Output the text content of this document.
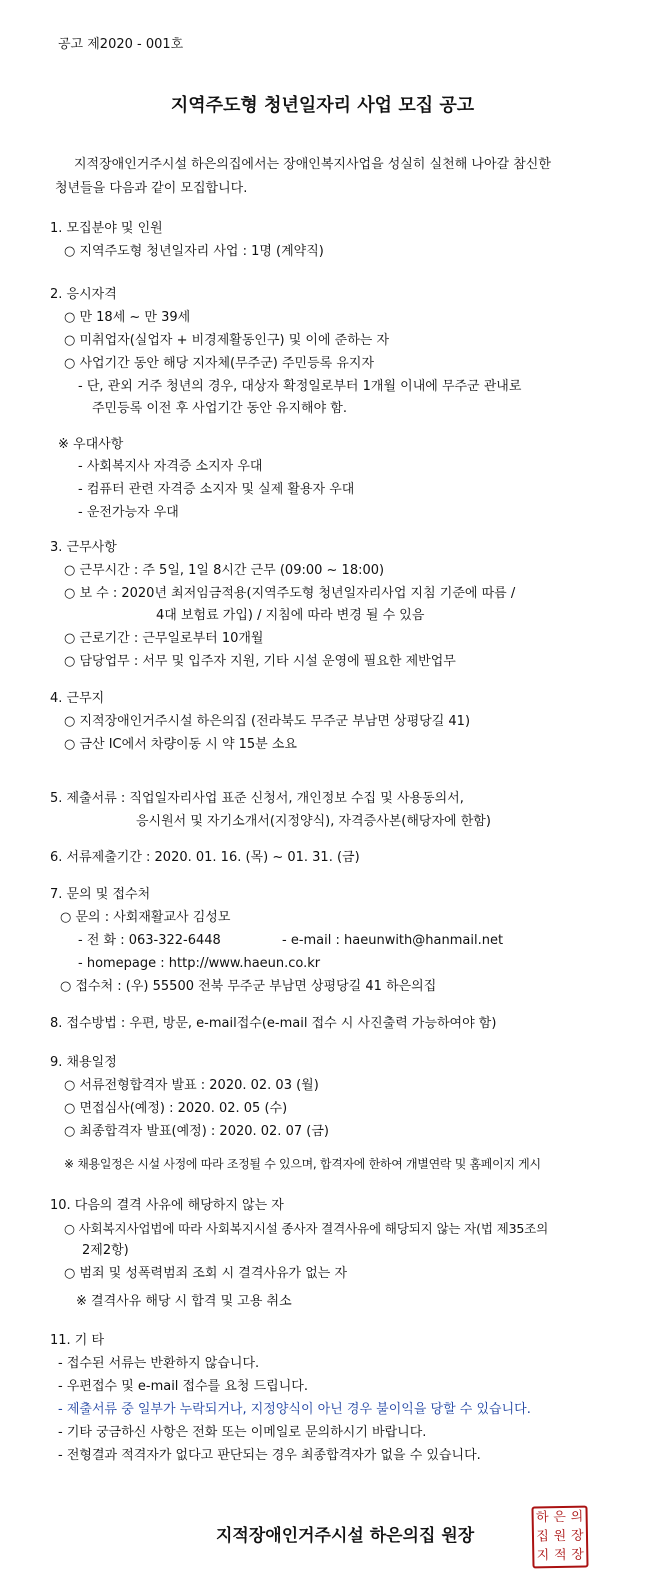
공고 제2020 - 001호
지역주도형 청년일자리 사업 모집 공고
지적장애인거주시설 하은의집에서는 장애인복지사업을 성실히 실천해 나아갈 참신한
청년들을 다음과 같이 모집합니다.
1. 모집분야 및 인원
○ 지역주도형 청년일자리 사업 : 1명 (계약직)
2. 응시자격
○ 만 18세 ~ 만 39세
○ 미취업자(실업자 + 비경제활동인구) 및 이에 준하는 자
○ 사업기간 동안 해당 지자체(무주군) 주민등록 유지자
- 단, 관외 거주 청년의 경우, 대상자 확정일로부터 1개월 이내에 무주군 관내로
주민등록 이전 후 사업기간 동안 유지해야 함.
※ 우대사항
- 사회복지사 자격증 소지자 우대
- 컴퓨터 관련 자격증 소지자 및 실제 활용자 우대
- 운전가능자 우대
3. 근무사항
○ 근무시간 : 주 5일, 1일 8시간 근무 (09:00 ~ 18:00)
○ 보 수 : 2020년 최저임금적용(지역주도형 청년일자리사업 지침 기준에 따름 /
4대 보험료 가입) / 지침에 따라 변경 될 수 있음
○ 근로기간 : 근무일로부터 10개월
○ 담당업무 : 서무 및 입주자 지원, 기타 시설 운영에 필요한 제반업무
4. 근무지
○ 지적장애인거주시설 하은의집 (전라북도 무주군 부남면 상평당길 41)
○ 금산 IC에서 차량이동 시 약 15분 소요
5. 제출서류 : 직업일자리사업 표준 신청서, 개인정보 수집 및 사용동의서,
응시원서 및 자기소개서(지정양식), 자격증사본(해당자에 한함)
6. 서류제출기간 : 2020. 01. 16. (목) ~ 01. 31. (금)
7. 문의 및 접수처
○ 문의 : 사회재활교사 김성모
- 전 화 : 063-322-6448	- e-mail : haeunwith@hanmail.net
- homepage : http://www.haeun.co.kr
○ 접수처 : (우) 55500 전북 무주군 부남면 상평당길 41 하은의집
8. 접수방법 : 우편, 방문, e-mail접수(e-mail 접수 시 사진출력 가능하여야 함)
9. 채용일정
○ 서류전형합격자 발표 : 2020. 02. 03 (월)
○ 면접심사(예정) : 2020. 02. 05 (수)
○ 최종합격자 발표(예정) : 2020. 02. 07 (금)
※ 채용일정은 시설 사정에 따라 조정될 수 있으며, 합격자에 한하여 개별연락 및 홈페이지 게시
10. 다음의 결격 사유에 해당하지 않는 자
○ 사회복지사업법에 따라 사회복지시설 종사자 결격사유에 해당되지 않는 자(법 제35조의
2제2항)
○ 범죄 및 성폭력범죄 조회 시 결격사유가 없는 자
※ 결격사유 해당 시 합격 및 고용 취소
11. 기 타
- 접수된 서류는 반환하지 않습니다.
- 우편접수 및 e-mail 접수를 요청 드립니다.
- 제출서류 중 일부가 누락되거나, 지정양식이 아닌 경우 불이익을 당할 수 있습니다.
- 기타 궁금하신 사항은 전화 또는 이메일로 문의하시기 바랍니다.
- 전형결과 적격자가 없다고 판단되는 경우 최종합격자가 없을 수 있습니다.
지적장애인거주시설 하은의집 원장
하 은 의
집 원 장
지 적 장
